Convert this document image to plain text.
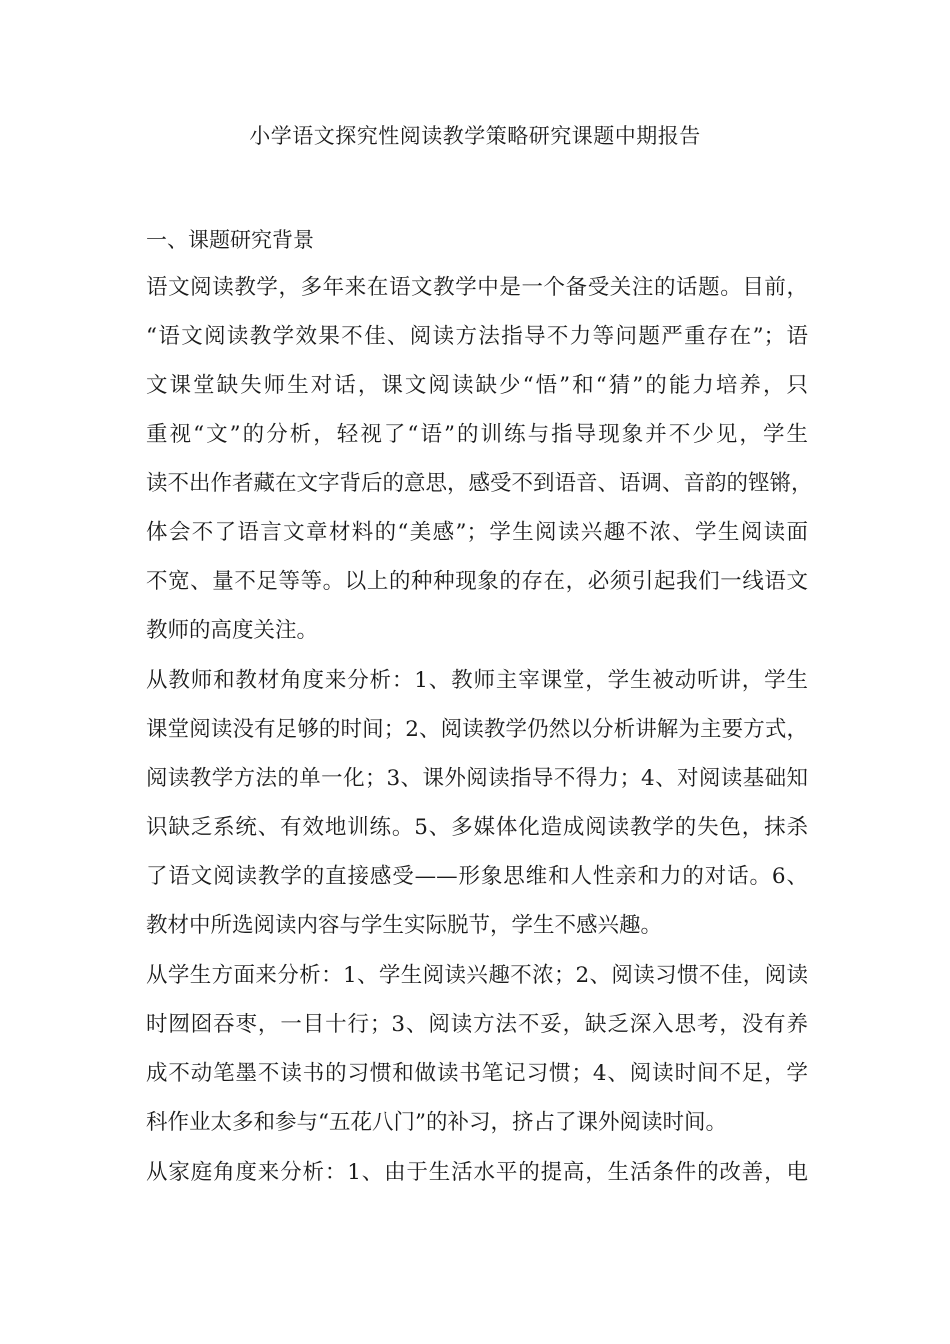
小学语文探究性阅读教学策略研究课题中期报告
一、课题研究背景
语文阅读教学，多年来在语文教学中是一个备受关注的话题。目前，
“语文阅读教学效果不佳、阅读方法指导不力等问题严重存在”；语
文课堂缺失师生对话，课文阅读缺少“悟”和“猜”的能力培养，只
重视“文”的分析，轻视了“语”的训练与指导现象并不少见，学生
读不出作者藏在文字背后的意思，感受不到语音、语调、音韵的铿锵，
体会不了语言文章材料的“美感”；学生阅读兴趣不浓、学生阅读面
不宽、量不足等等。以上的种种现象的存在，必须引起我们一线语文
教师的高度关注。
从教师和教材角度来分析：1、教师主宰课堂，学生被动听讲，学生
课堂阅读没有足够的时间；2、阅读教学仍然以分析讲解为主要方式，
阅读教学方法的单一化；3、课外阅读指导不得力；4、对阅读基础知
识缺乏系统、有效地训练。5、多媒体化造成阅读教学的失色，抹杀
了语文阅读教学的直接感受——形象思维和人性亲和力的对话。6、
教材中所选阅读内容与学生实际脱节，学生不感兴趣。
从学生方面来分析：1、学生阅读兴趣不浓；2、阅读习惯不佳，阅读
时囫囵吞枣，一目十行；3、阅读方法不妥，缺乏深入思考，没有养
成不动笔墨不读书的习惯和做读书笔记习惯；4、阅读时间不足，学
科作业太多和参与“五花八门”的补习，挤占了课外阅读时间。
从家庭角度来分析：1、由于生活水平的提高，生活条件的改善，电
